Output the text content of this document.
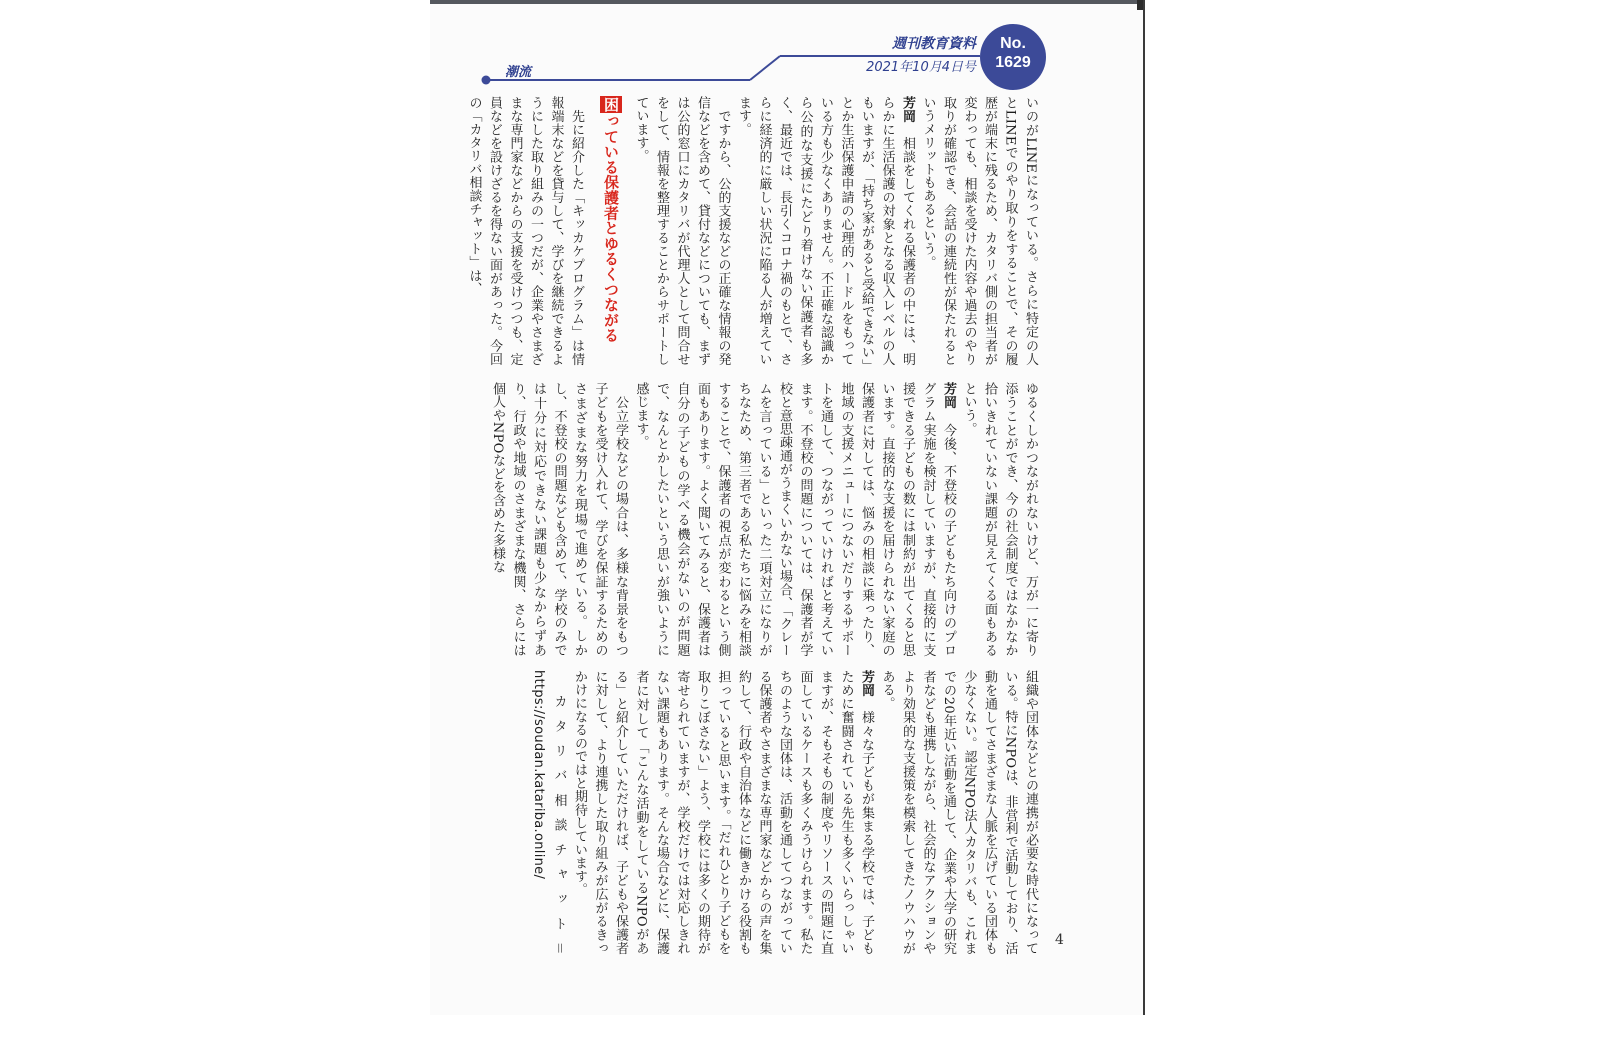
潮流
週刊教育資料
2021年10月4日号
No.
1629

いのがLINEになっている。さらに特定の人とLINEでのやり取りをすることで、その履歴が端末に残るため、カタリバ側の担当者が変わっても、相談を受けた内容や過去のやり取りが確認でき、会話の連続性が保たれるというメリットもあるという。

芳岡　相談をしてくれる保護者の中には、明らかに生活保護の対象となる収入レベルの人もいますが、「持ち家があると受給できない」とか生活保護申請の心理的ハードルをもっている方も少なくありません。不正確な認識から公的な支援にたどり着けない保護者も多く、最近では、長引くコロナ禍のもとで、さらに経済的に厳しい状況に陥る人が増えています。

　ですから、公的支援などの正確な情報の発信などを含めて、貸付などについても、まずは公的窓口にカタリバが代理人として問合せをして、情報を整理することからサポートしています。

困っている保護者とゆるくつながる

　先に紹介した「キッカケプログラム」は情報端末などを貸与して、学びを継続できるようにした取り組みの一つだが、企業やさまざまな専門家などからの支援を受けつつも、定員などを設けざるを得ない面があった。今回の「カタリバ相談チャット」は、

ゆるくしかつながれないけど、万が一に寄り添うことができ、今の社会制度ではなかなか拾いきれていない課題が見えてくる面もあるという。

芳岡　今後、不登校の子どもたち向けのプログラム実施を検討していますが、直接的に支援できる子どもの数には制約が出てくると思います。直接的な支援を届けられない家庭の保護者に対しては、悩みの相談に乗ったり、地域の支援メニューにつないだりするサポートを通して、つながっていければと考えています。不登校の問題については、保護者が学校と意思疎通がうまくいかない場合、「クレームを言っている」といった二項対立になりがちなため、第三者である私たちに悩みを相談することで、保護者の視点が変わるという側面もあります。よく聞いてみると、保護者は自分の子どもの学べる機会がないのが問題で、なんとかしたいという思いが強いように感じます。

　公立学校などの場合は、多様な背景をもつ子どもを受け入れて、学びを保証するためのさまざまな努力を現場で進めている。しかし、不登校の問題なども含めて、学校のみでは十分に対応できない課題も少なからずあり、行政や地域のさまざまな機関、さらには個人やNPOなどを含めた多様な

組織や団体などとの連携が必要な時代になっている。特にNPOは、非営利で活動しており、活動を通してさまざまな人脈を広げている団体も少なくない。認定NPO法人カタリバも、これまでの20年近い活動を通して、企業や大学の研究者なども連携しながら、社会的なアクションやより効果的な支援策を模索してきたノウハウがある。

芳岡　様々な子どもが集まる学校では、子どもために奮闘されている先生も多くいらっしゃいますが、そもそもの制度やリソースの問題に直面しているケースも多くみうけられます。私たちのような団体は、活動を通してつながっている保護者やさまざまな専門家などからの声を集約して、行政や自治体などに働きかける役割も担っていると思います。「だれひとり子どもを取りこぼさない」よう、学校には多くの期待が寄せられていますが、学校だけでは対応しきれない課題もあります。そんな場合などに、保護者に対して「こんな活動をしているNPOがある」と紹介していただければ、子どもや保護者に対して、より連携した取り組みが広がるきっかけになるのではと期待しています。

　カタリバ相談チャット＝https://soudan.katariba.online/

4
